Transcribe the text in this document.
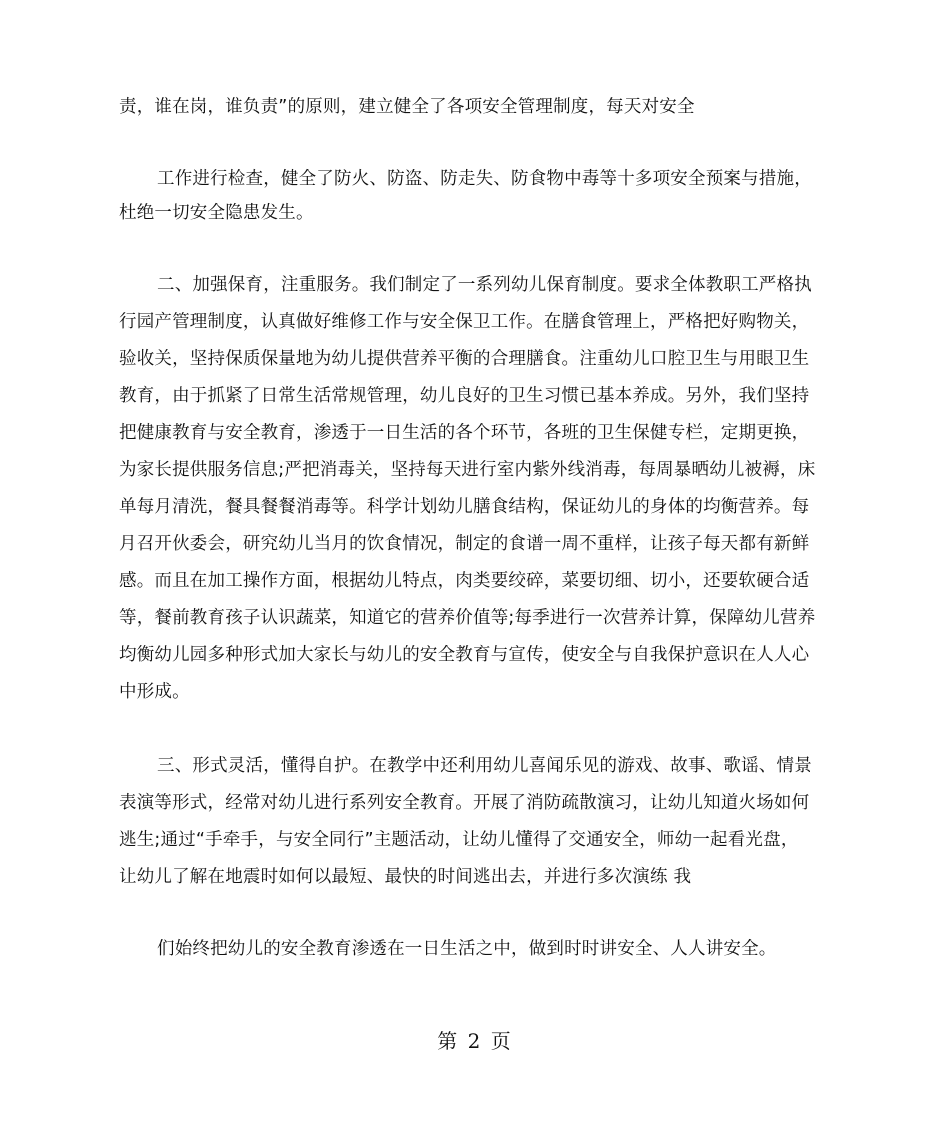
责，谁在岗，谁负责”的原则，建立健全了各项安全管理制度，每天对安全
工作进行检查，健全了防火、防盗、防走失、防食物中毒等十多项安全预案与措施，
杜绝一切安全隐患发生。
二、加强保育，注重服务。我们制定了一系列幼儿保育制度。要求全体教职工严格执
行园产管理制度，认真做好维修工作与安全保卫工作。在膳食管理上，严格把好购物关，
验收关，坚持保质保量地为幼儿提供营养平衡的合理膳食。注重幼儿口腔卫生与用眼卫生
教育，由于抓紧了日常生活常规管理，幼儿良好的卫生习惯已基本养成。另外，我们坚持
把健康教育与安全教育，渗透于一日生活的各个环节，各班的卫生保健专栏，定期更换，
为家长提供服务信息;严把消毒关，坚持每天进行室内紫外线消毒，每周暴晒幼儿被褥，床
单每月清洗，餐具餐餐消毒等。科学计划幼儿膳食结构，保证幼儿的身体的均衡营养。每
月召开伙委会，研究幼儿当月的饮食情况，制定的食谱一周不重样，让孩子每天都有新鲜
感。而且在加工操作方面，根据幼儿特点，肉类要绞碎，菜要切细、切小，还要软硬合适
等，餐前教育孩子认识蔬菜，知道它的营养价值等;每季进行一次营养计算，保障幼儿营养
均衡幼儿园多种形式加大家长与幼儿的安全教育与宣传，使安全与自我保护意识在人人心
中形成。
三、形式灵活，懂得自护。在教学中还利用幼儿喜闻乐见的游戏、故事、歌谣、情景
表演等形式，经常对幼儿进行系列安全教育。开展了消防疏散演习，让幼儿知道火场如何
逃生;通过“手牵手，与安全同行”主题活动，让幼儿懂得了交通安全，师幼一起看光盘，
让幼儿了解在地震时如何以最短、最快的时间逃出去，并进行多次演练 我
们始终把幼儿的安全教育渗透在一日生活之中，做到时时讲安全、人人讲安全。
第 2 页
